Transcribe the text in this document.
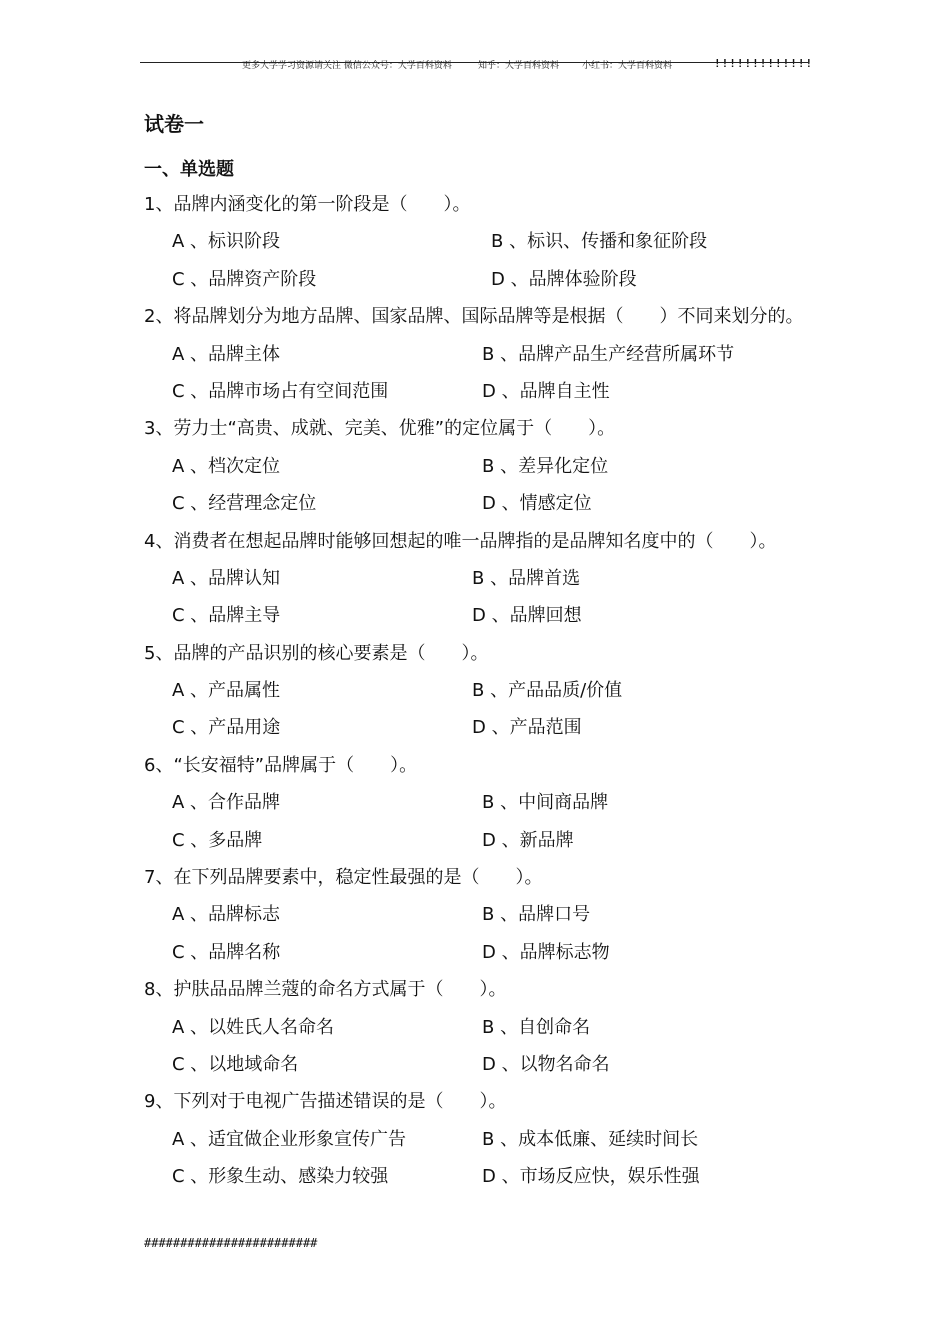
更多大学学习资源请关注 微信公众号：大学百科资料	知乎：大学百科资料	小红书：大学百科资料	!!!!!!!!!!!!!
试卷一
一、单选题
1、品牌内涵变化的第一阶段是（　　）。
A 、标识阶段	B 、标识、传播和象征阶段
C 、品牌资产阶段	D 、品牌体验阶段
2、将品牌划分为地方品牌、国家品牌、国际品牌等是根据（　　）不同来划分的。
A 、品牌主体	B 、品牌产品生产经营所属环节
C 、品牌市场占有空间范围	D 、品牌自主性
3、劳力士“高贵、成就、完美、优雅”的定位属于（　　）。
A 、档次定位	B 、差异化定位
C 、经营理念定位	D 、情感定位
4、消费者在想起品牌时能够回想起的唯一品牌指的是品牌知名度中的（　　）。
A 、品牌认知	B 、品牌首选
C 、品牌主导	D 、品牌回想
5、品牌的产品识别的核心要素是（　　）。
A 、产品属性	B 、产品品质/价值
C 、产品用途	D 、产品范围
6、“长安福特”品牌属于（　　）。
A 、合作品牌	B 、中间商品牌
C 、多品牌	D 、新品牌
7、在下列品牌要素中，稳定性最强的是（　　）。
A 、品牌标志	B 、品牌口号
C 、品牌名称	D 、品牌标志物
8、护肤品品牌兰蔻的命名方式属于（　　）。
A 、以姓氏人名命名	B 、自创命名
C 、以地域命名	D 、以物名命名
9、下列对于电视广告描述错误的是（　　）。
A 、适宜做企业形象宣传广告	B 、成本低廉、延续时间长
C 、形象生动、感染力较强	D 、市场反应快，娱乐性强
########################
